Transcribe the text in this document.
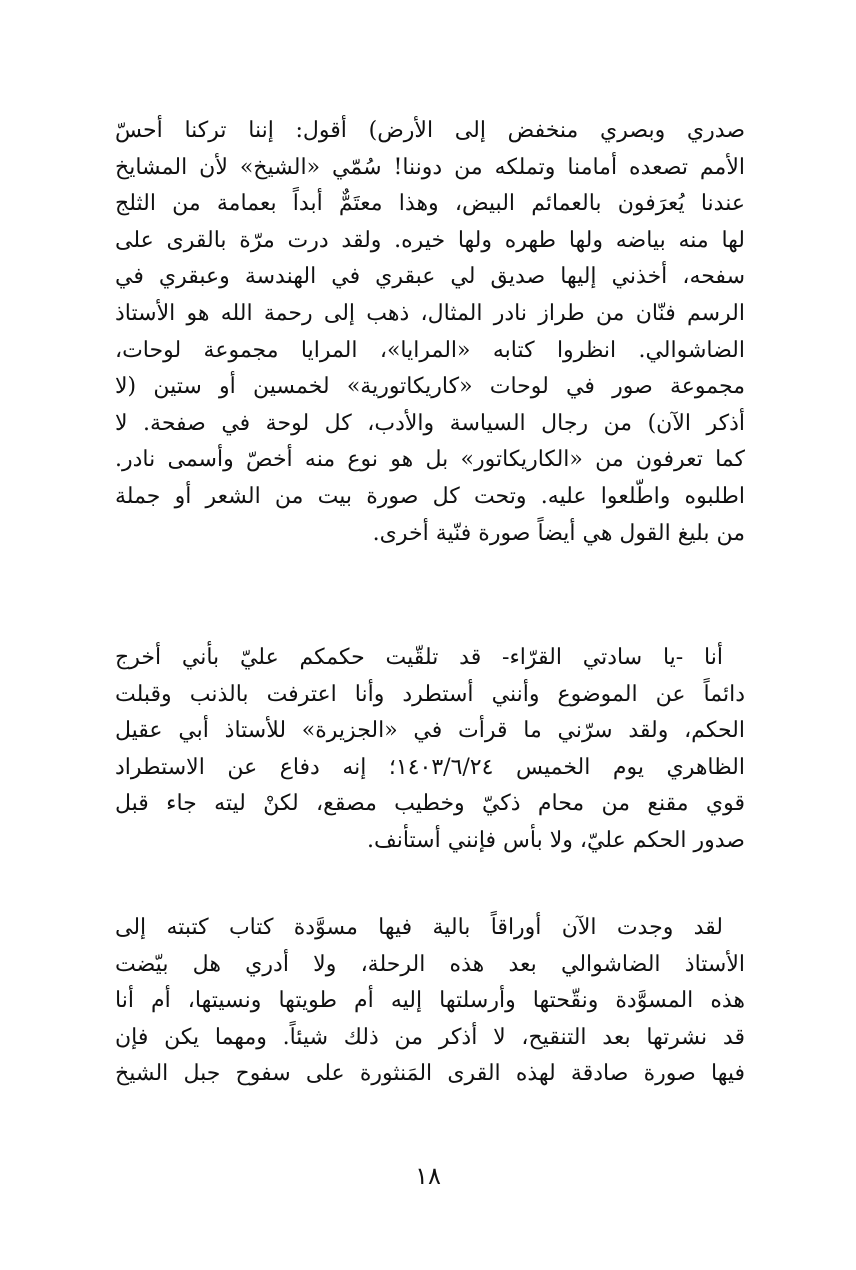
صدري وبصري منخفض إلى الأرض) أقول: إننا تركنا أحسّ
الأمم تصعده أمامنا وتملكه من دوننا! سُمّي «الشيخ» لأن المشايخ
عندنا يُعرَفون بالعمائم البيض، وهذا معتَمٌّ أبداً بعمامة من الثلج
لها منه بياضه ولها طهره ولها خيره. ولقد درت مرّة بالقرى على
سفحه، أخذني إليها صديق لي عبقري في الهندسة وعبقري في
الرسم فنّان من طراز نادر المثال، ذهب إلى رحمة الله هو الأستاذ
الضاشوالي. انظروا كتابه «المرايا»، المرايا مجموعة لوحات،
مجموعة صور في لوحات «كاريكاتورية» لخمسين أو ستين (لا
أذكر الآن) من رجال السياسة والأدب، كل لوحة في صفحة. لا
كما تعرفون من «الكاريكاتور» بل هو نوع منه أخصّ وأسمى نادر.
اطلبوه واطّلعوا عليه. وتحت كل صورة بيت من الشعر أو جملة
من بليغ القول هي أيضاً صورة فنّية أخرى.
أنا -يا سادتي القرّاء- قد تلقّيت حكمكم عليّ بأني أخرج
دائماً عن الموضوع وأنني أستطرد وأنا اعترفت بالذنب وقبلت
الحكم، ولقد سرّني ما قرأت في «الجزيرة» للأستاذ أبي عقيل
الظاهري يوم الخميس ١٤٠٣/٦/٢٤؛ إنه دفاع عن الاستطراد
قوي مقنع من محام ذكيّ وخطيب مصقع، لكنْ ليته جاء قبل
صدور الحكم عليّ، ولا بأس فإنني أستأنف.
لقد وجدت الآن أوراقاً بالية فيها مسوَّدة كتاب كتبته إلى
الأستاذ الضاشوالي بعد هذه الرحلة، ولا أدري هل بيّضت
هذه المسوَّدة ونقّحتها وأرسلتها إليه أم طويتها ونسيتها، أم أنا
قد نشرتها بعد التنقيح، لا أذكر من ذلك شيئاً. ومهما يكن فإن
فيها صورة صادقة لهذه القرى المَنثورة على سفوح جبل الشيخ
١٨
